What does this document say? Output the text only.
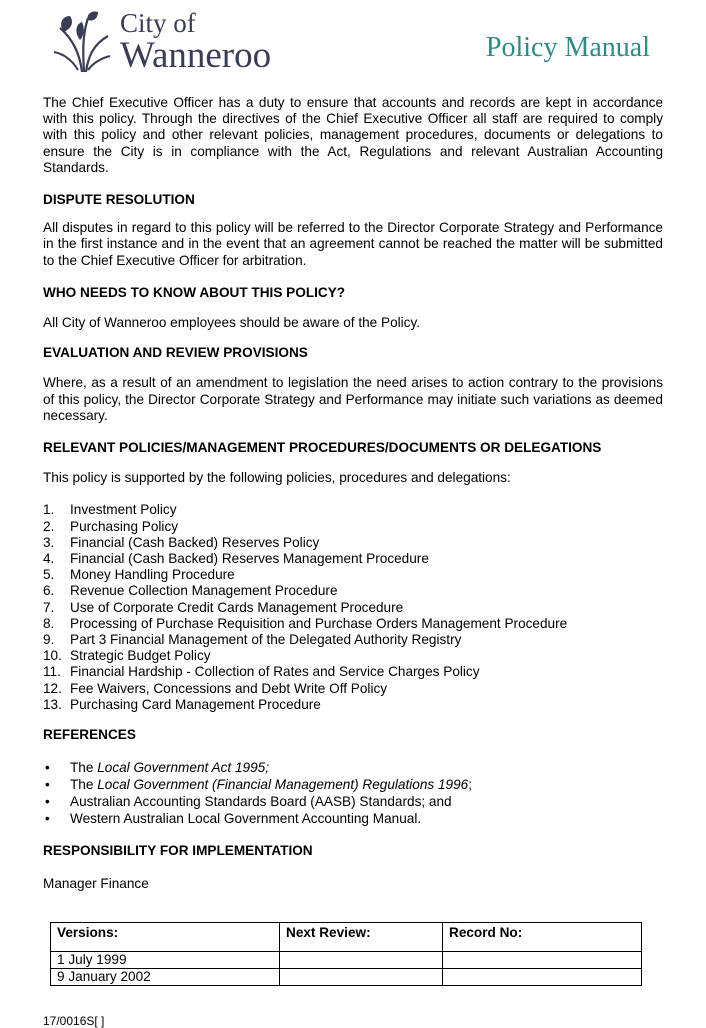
City of
Wanneroo	Policy Manual

The Chief Executive Officer has a duty to ensure that accounts and records are kept in accordance with this policy. Through the directives of the Chief Executive Officer all staff are required to comply with this policy and other relevant policies, management procedures, documents or delegations to ensure the City is in compliance with the Act, Regulations and relevant Australian Accounting Standards.

DISPUTE RESOLUTION

All disputes in regard to this policy will be referred to the Director Corporate Strategy and Performance in the first instance and in the event that an agreement cannot be reached the matter will be submitted to the Chief Executive Officer for arbitration.

WHO NEEDS TO KNOW ABOUT THIS POLICY?

All City of Wanneroo employees should be aware of the Policy.

EVALUATION AND REVIEW PROVISIONS

Where, as a result of an amendment to legislation the need arises to action contrary to the provisions of this policy, the Director Corporate Strategy and Performance may initiate such variations as deemed necessary.

RELEVANT POLICIES/MANAGEMENT PROCEDURES/DOCUMENTS OR DELEGATIONS

This policy is supported by the following policies, procedures and delegations:

1. Investment Policy
2. Purchasing Policy
3. Financial (Cash Backed) Reserves Policy
4. Financial (Cash Backed) Reserves Management Procedure
5. Money Handling Procedure
6. Revenue Collection Management Procedure
7. Use of Corporate Credit Cards Management Procedure
8. Processing of Purchase Requisition and Purchase Orders Management Procedure
9. Part 3 Financial Management of the Delegated Authority Registry
10. Strategic Budget Policy
11. Financial Hardship - Collection of Rates and Service Charges Policy
12. Fee Waivers, Concessions and Debt Write Off Policy
13. Purchasing Card Management Procedure

REFERENCES

• The Local Government Act 1995;
• The Local Government (Financial Management) Regulations 1996;
• Australian Accounting Standards Board (AASB) Standards; and
• Western Australian Local Government Accounting Manual.

RESPONSIBILITY FOR IMPLEMENTATION

Manager Finance

Versions:	Next Review:	Record No:
1 July 1999		
9 January 2002		
17/0016S[ ]
